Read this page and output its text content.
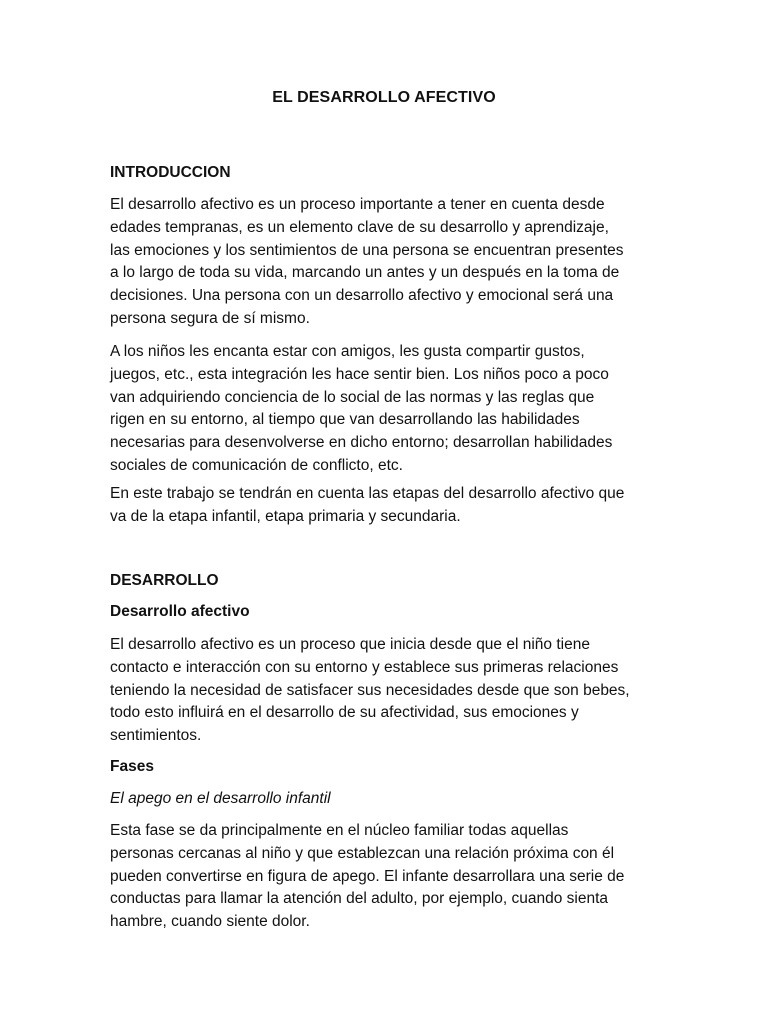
EL DESARROLLO AFECTIVO
INTRODUCCION
El desarrollo afectivo es un proceso importante a tener en cuenta desde
edades tempranas, es un elemento clave de su desarrollo y aprendizaje,
las emociones y los sentimientos de una persona se encuentran presentes
a lo largo de toda su vida, marcando un antes y un después en la toma de
decisiones. Una persona con un desarrollo afectivo y emocional será una
persona segura de sí mismo.
A los niños les encanta estar con amigos, les gusta compartir gustos,
juegos, etc., esta integración les hace sentir bien. Los niños poco a poco
van adquiriendo conciencia de lo social de las normas y las reglas que
rigen en su entorno, al tiempo que van desarrollando las habilidades
necesarias para desenvolverse en dicho entorno; desarrollan habilidades
sociales de comunicación de conflicto, etc.
En este trabajo se tendrán en cuenta las etapas del desarrollo afectivo que
va de la etapa infantil, etapa primaria y secundaria.
DESARROLLO
Desarrollo afectivo
El desarrollo afectivo es un proceso que inicia desde que el niño tiene
contacto e interacción con su entorno y establece sus primeras relaciones
teniendo la necesidad de satisfacer sus necesidades desde que son bebes,
todo esto influirá en el desarrollo de su afectividad, sus emociones y
sentimientos.
Fases
El apego en el desarrollo infantil
Esta fase se da principalmente en el núcleo familiar todas aquellas
personas cercanas al niño y que establezcan una relación próxima con él
pueden convertirse en figura de apego. El infante desarrollara una serie de
conductas para llamar la atención del adulto, por ejemplo, cuando sienta
hambre, cuando siente dolor.
